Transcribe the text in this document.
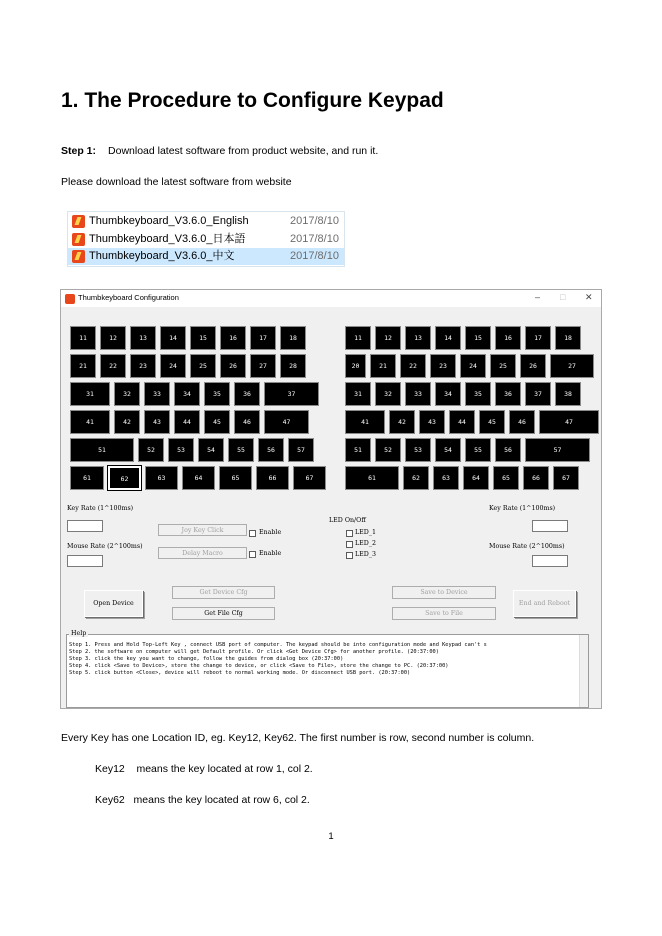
1. The Procedure to Configure Keypad
Step 1: Download latest software from product website, and run it.
Please download the latest software from website
Thumbkeyboard_V3.6.0_English	2017/8/10
Thumbkeyboard_V3.6.0_日本語	2017/8/10
Thumbkeyboard_V3.6.0_中文	2017/8/10
Thumbkeyboard Configuration	– □ ✕
11	12	13	14	15	16	17	18
21	22	23	24	25	26	27	28
31	32	33	34	35	36	37
41	42	43	44	45	46	47
51	52	53	54	55	56	57
61	62	63	64	65	66	67
11	12	13	14	15	16	17	18
20	21	22	23	24	25	26	27
31	32	33	34	35	36	37	38
41	42	43	44	45	46	47
51	52	53	54	55	56	57
61	62	63	64	65	66	67
Key Rate (1^100ms)
Mouse Rate (2^100ms)
Joy Key Click	Enable
Delay Macro	Enable
LED On/Off
LED_1
LED_2
LED_3
Key Rate (1^100ms)
Mouse Rate (2^100ms)
Open Device
Get Device Cfg
Get File Cfg
Save to Device
Save to File
End and Reboot
Step 1. Press and Hold Top-Left Key , connect USB port of computer. The keypad should be into configuration mode and Keypad can't s
Step 2. the software on computer will get Default profile. Or click <Get Device Cfg> for another profile. (20:37:00)
Step 3. click the key you want to change, follow the guides from dialog box (20:37:00)
Step 4. click <Save to Device>, store the change to device, or click <Save to File>, store the change to PC. (20:37:00)
Step 5. click button <Close>, device will reboot to normal working mode. Or disconnect USB port. (20:37:00)
Help
Every Key has one Location ID, eg. Key12, Key62. The first number is row, second number is column.
Key12 means the key located at row 1, col 2.
Key62 means the key located at row 6, col 2.
1
